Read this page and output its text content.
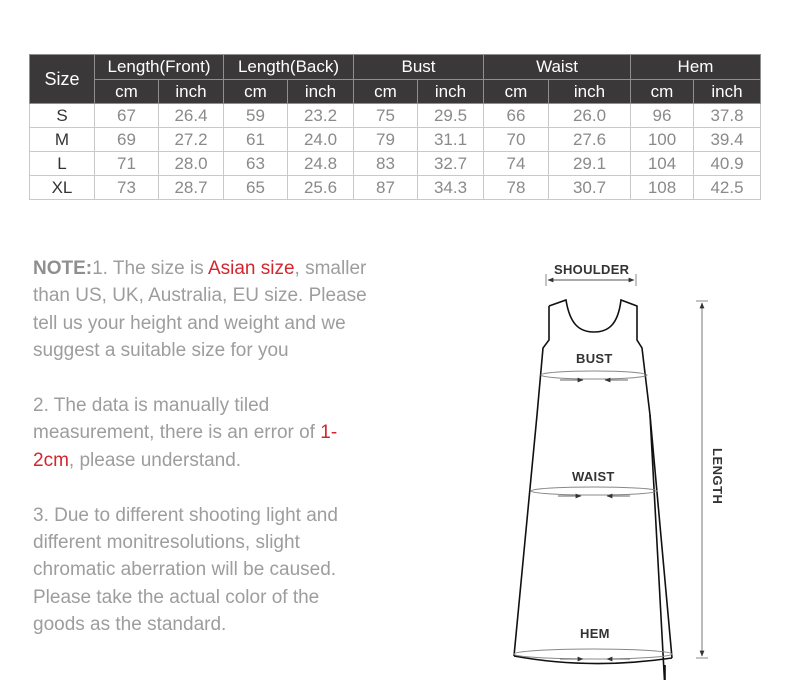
Size	Length(Front)		Length(Back)		Bust		Waist		Hem	
	cm	inch	cm	inch	cm	inch	cm	inch	cm	inch
S	67	26.4	59	23.2	75	29.5	66	26.0	96	37.8
M	69	27.2	61	24.0	79	31.1	70	27.6	100	39.4
L	71	28.0	63	24.8	83	32.7	74	29.1	104	40.9
XL	73	28.7	65	25.6	87	34.3	78	30.7	108	42.5

NOTE:1. The size is Asian size, smaller than US, UK, Australia, EU size. Please tell us your height and weight and we suggest a suitable size for you

2. The data is manually tiled measurement, there is an error of 1-2cm, please understand.

3. Due to different shooting light and different monitresolutions, slight chromatic aberration will be caused. Please take the actual color of the goods as the standard.

SHOULDER
BUST
WAIST
HEM
LENGTH
